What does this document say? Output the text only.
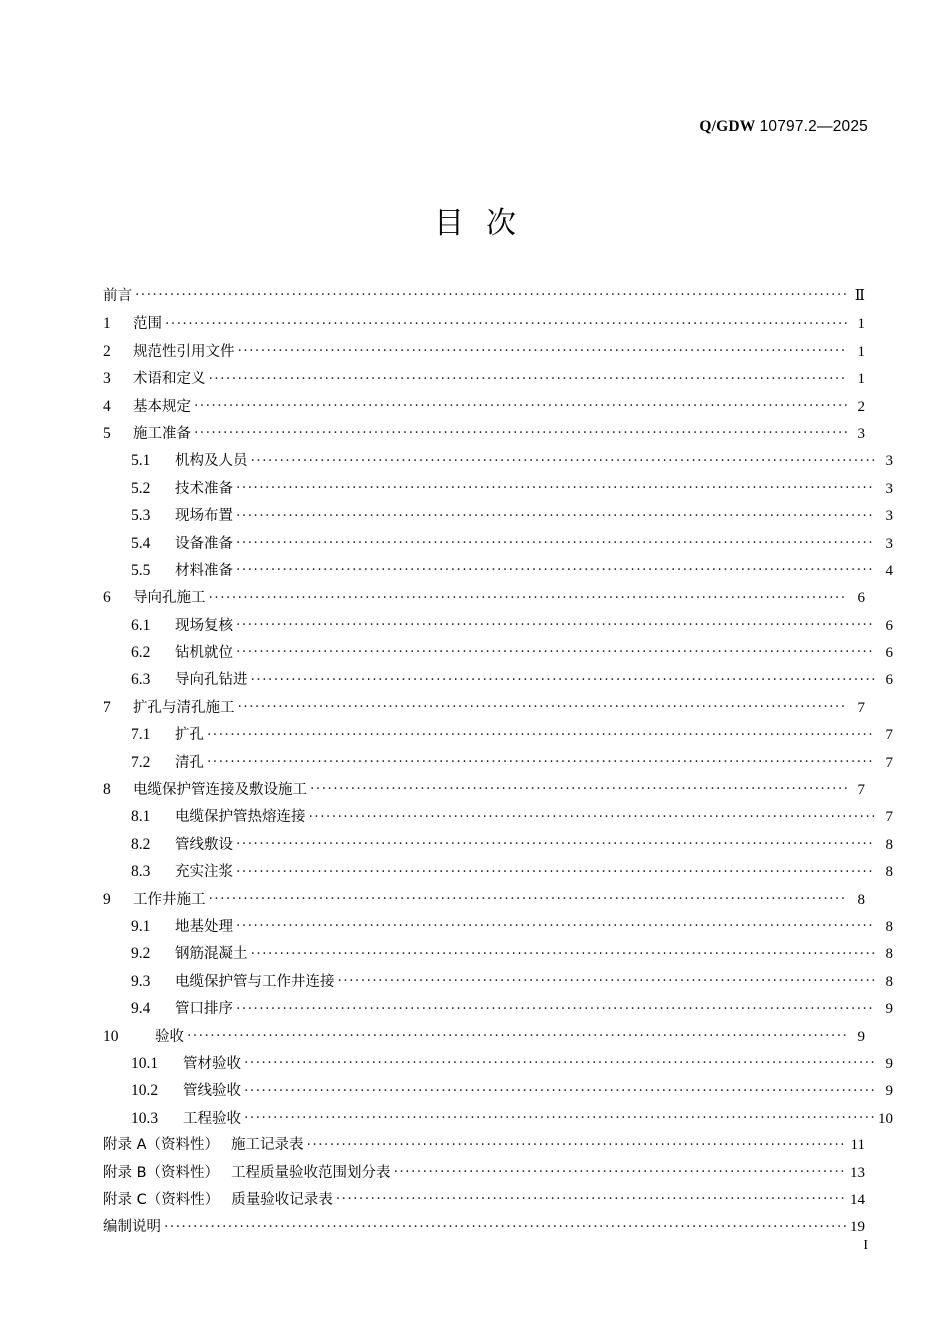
Q/GDW 10797.2—2025
目次
前言 ·····	Ⅱ
1	范围 ·····	1
2	规范性引用文件 ·····	1
3	术语和定义 ·····	1
4	基本规定 ·····	2
5	施工准备 ·····	3
5.1	机构及人员 ·····	3
5.2	技术准备 ·····	3
5.3	现场布置 ·····	3
5.4	设备准备 ·····	3
5.5	材料准备 ·····	4
6	导向孔施工 ·····	6
6.1	现场复核 ·····	6
6.2	钻机就位 ·····	6
6.3	导向孔钻进 ·····	6
7	扩孔与清孔施工 ·····	7
7.1	扩孔 ·····	7
7.2	清孔 ·····	7
8	电缆保护管连接及敷设施工 ·····	7
8.1	电缆保护管热熔连接 ·····	7
8.2	管线敷设 ·····	8
8.3	充实注浆 ·····	8
9	工作井施工 ·····	8
9.1	地基处理 ·····	8
9.2	钢筋混凝土 ·····	8
9.3	电缆保护管与工作井连接 ·····	8
9.4	管口排序 ·····	9
10	验收 ·····	9
10.1	管材验收 ·····	9
10.2	管线验收 ·····	9
10.3	工程验收 ·····	10
附录 A（资料性） 施工记录表 ·····	11
附录 B（资料性） 工程质量验收范围划分表 ·····	13
附录 C（资料性） 质量验收记录表 ·····	14
编制说明 ·····	19
I
